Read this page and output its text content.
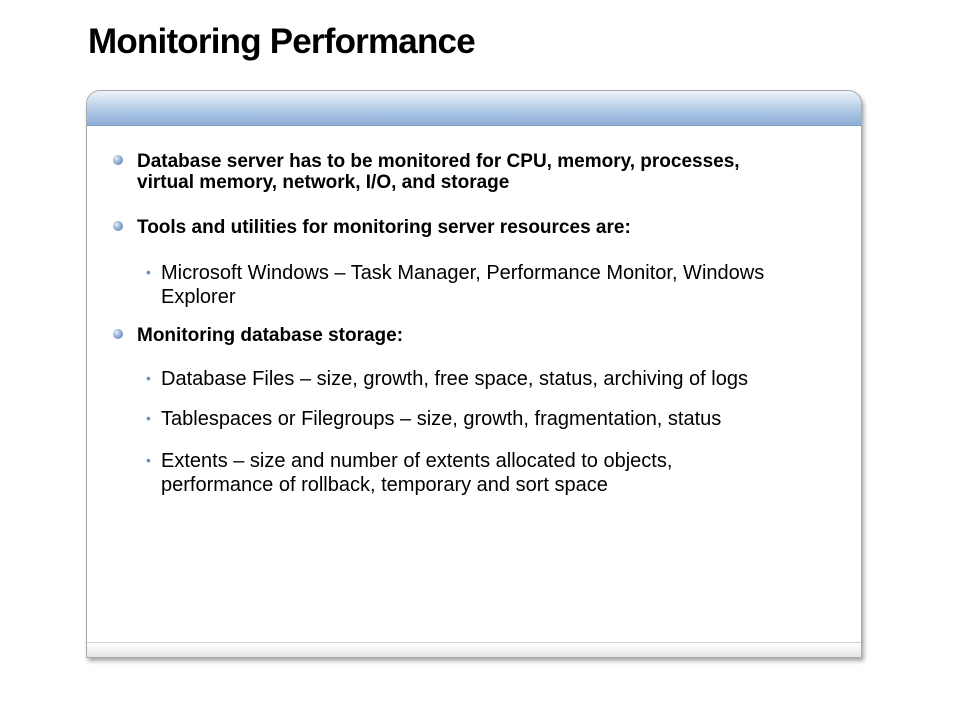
Monitoring Performance
Database server has to be monitored for CPU, memory, processes,
virtual memory, network, I/O, and storage
Tools and utilities for monitoring server resources are:
• Microsoft Windows – Task Manager, Performance Monitor, Windows
Explorer
Monitoring database storage:
• Database Files – size, growth, free space, status, archiving of logs
• Tablespaces or Filegroups – size, growth, fragmentation, status
• Extents – size and number of extents allocated to objects,
performance of rollback, temporary and sort space
